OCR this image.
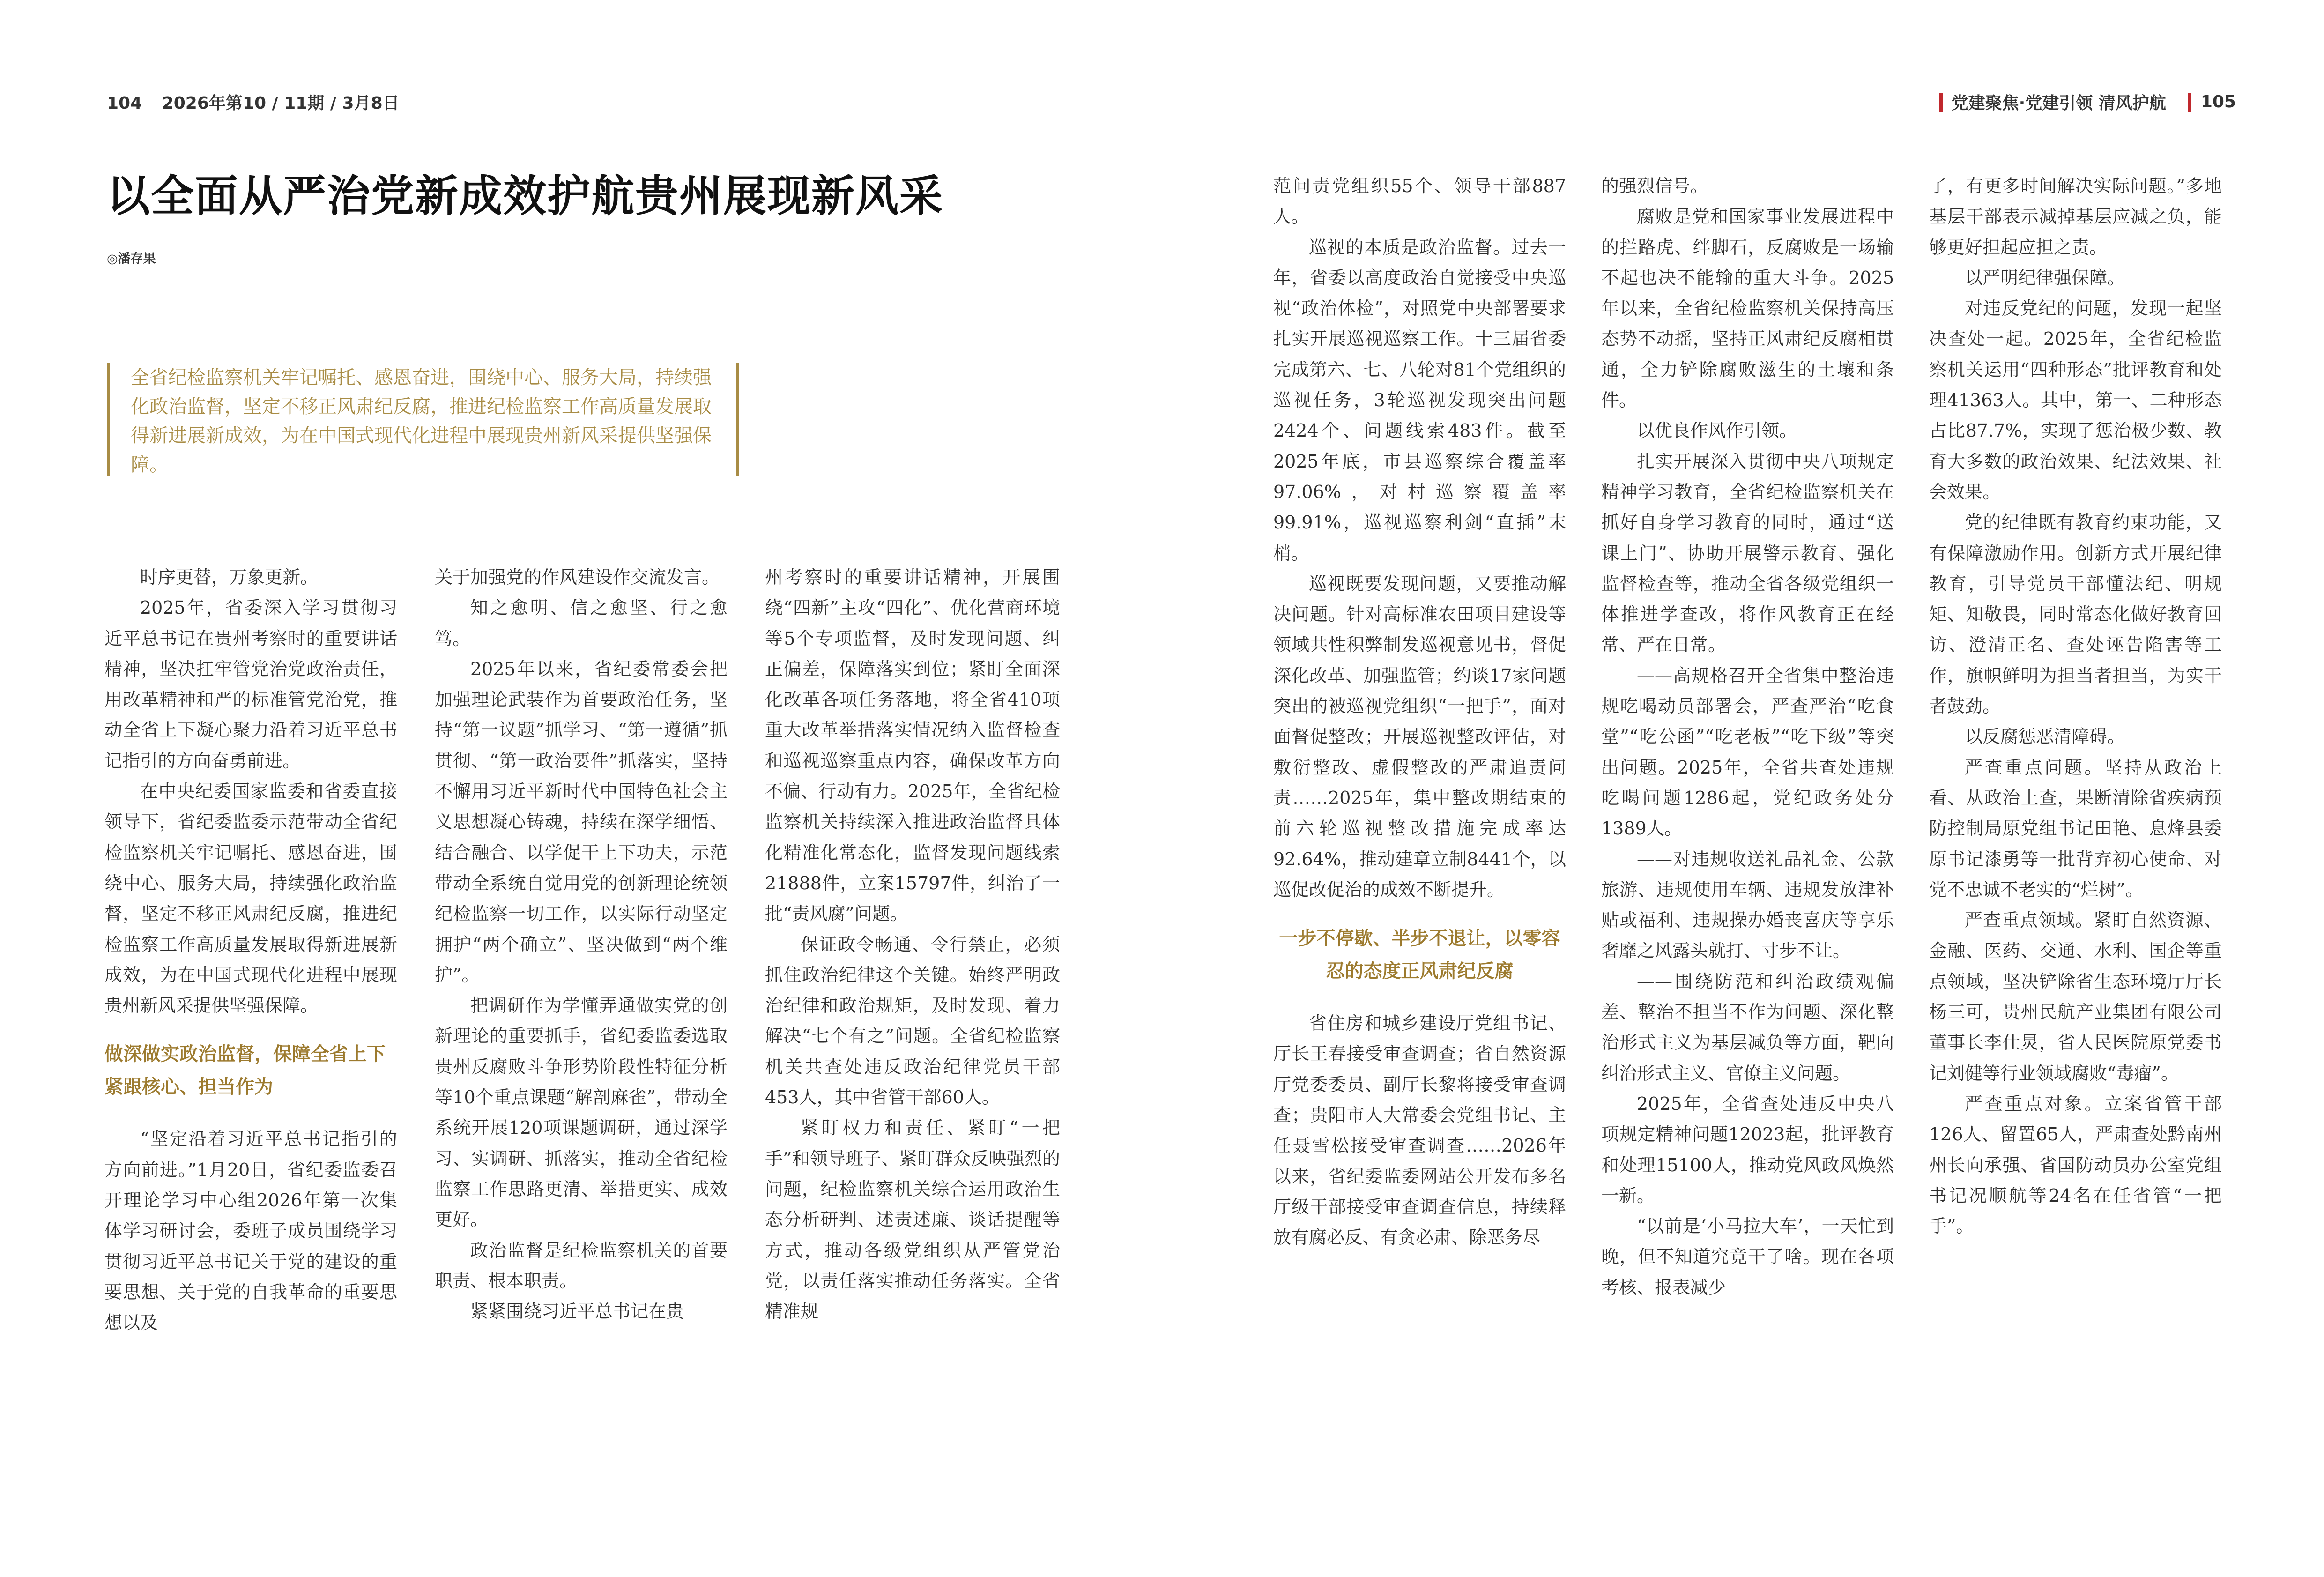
104 2026年第10 / 11期 / 3月8日	党建聚焦·党建引领 清风护航 105
以全面从严治党新成效护航贵州展现新风采
◎潘存果
全省纪检监察机关牢记嘱托、感恩奋进，围绕中心、服务大局，持续强化政治监督，坚定不移正风肃纪反腐，推进纪检监察工作高质量发展取得新进展新成效，为在中国式现代化进程中展现贵州新风采提供坚强保障。

时序更替，万象更新。

2025年，省委深入学习贯彻习近平总书记在贵州考察时的重要讲话精神，坚决扛牢管党治党政治责任，用改革精神和严的标准管党治党，推动全省上下凝心聚力沿着习近平总书记指引的方向奋勇前进。

在中央纪委国家监委和省委直接领导下，省纪委监委示范带动全省纪检监察机关牢记嘱托、感恩奋进，围绕中心、服务大局，持续强化政治监督，坚定不移正风肃纪反腐，推进纪检监察工作高质量发展取得新进展新成效，为在中国式现代化进程中展现贵州新风采提供坚强保障。

做深做实政治监督，保障全省上下紧跟核心、担当作为

“坚定沿着习近平总书记指引的方向前进。”1月20日，省纪委监委召开理论学习中心组2026年第一次集体学习研讨会，委班子成员围绕学习贯彻习近平总书记关于党的建设的重要思想、关于党的自我革命的重要思想以及

关于加强党的作风建设作交流发言。

知之愈明、信之愈坚、行之愈笃。

2025年以来，省纪委常委会把加强理论武装作为首要政治任务，坚持“第一议题”抓学习、“第一遵循”抓贯彻、“第一政治要件”抓落实，坚持不懈用习近平新时代中国特色社会主义思想凝心铸魂，持续在深学细悟、结合融合、以学促干上下功夫，示范带动全系统自觉用党的创新理论统领纪检监察一切工作，以实际行动坚定拥护“两个确立”、坚决做到“两个维护”。

把调研作为学懂弄通做实党的创新理论的重要抓手，省纪委监委选取贵州反腐败斗争形势阶段性特征分析等10个重点课题“解剖麻雀”，带动全系统开展120项课题调研，通过深学习、实调研、抓落实，推动全省纪检监察工作思路更清、举措更实、成效更好。

政治监督是纪检监察机关的首要职责、根本职责。

紧紧围绕习近平总书记在贵

州考察时的重要讲话精神，开展围绕“四新”主攻“四化”、优化营商环境等5个专项监督，及时发现问题、纠正偏差，保障落实到位；紧盯全面深化改革各项任务落地，将全省410项重大改革举措落实情况纳入监督检查和巡视巡察重点内容，确保改革方向不偏、行动有力。2025年，全省纪检监察机关持续深入推进政治监督具体化精准化常态化，监督发现问题线索21888件，立案15797件，纠治了一批“责风腐”问题。

保证政令畅通、令行禁止，必须抓住政治纪律这个关键。始终严明政治纪律和政治规矩，及时发现、着力解决“七个有之”问题。全省纪检监察机关共查处违反政治纪律党员干部453人，其中省管干部60人。

紧盯权力和责任、紧盯“一把手”和领导班子、紧盯群众反映强烈的问题，纪检监察机关综合运用政治生态分析研判、述责述廉、谈话提醒等方式，推动各级党组织从严管党治党，以责任落实推动任务落实。全省精准规

范问责党组织55个、领导干部887人。

巡视的本质是政治监督。过去一年，省委以高度政治自觉接受中央巡视“政治体检”，对照党中央部署要求扎实开展巡视巡察工作。十三届省委完成第六、七、八轮对81个党组织的巡视任务，3轮巡视发现突出问题2424个、问题线索483件。截至2025年底，市县巡察综合覆盖率97.06%，对村巡察覆盖率99.91%，巡视巡察利剑“直插”末梢。

巡视既要发现问题，又要推动解决问题。针对高标准农田项目建设等领域共性积弊制发巡视意见书，督促深化改革、加强监管；约谈17家问题突出的被巡视党组织“一把手”，面对面督促整改；开展巡视整改评估，对敷衍整改、虚假整改的严肃追责问责……2025年，集中整改期结束的前六轮巡视整改措施完成率达92.64%，推动建章立制8441个，以巡促改促治的成效不断提升。

一步不停歇、半步不退让，以零容忍的态度正风肃纪反腐

省住房和城乡建设厅党组书记、厅长王春接受审查调查；省自然资源厅党委委员、副厅长黎将接受审查调查；贵阳市人大常委会党组书记、主任聂雪松接受审查调查……2026年以来，省纪委监委网站公开发布多名厅级干部接受审查调查信息，持续释放有腐必反、有贪必肃、除恶务尽

的强烈信号。

腐败是党和国家事业发展进程中的拦路虎、绊脚石，反腐败是一场输不起也决不能输的重大斗争。2025年以来，全省纪检监察机关保持高压态势不动摇，坚持正风肃纪反腐相贯通，全力铲除腐败滋生的土壤和条件。

以优良作风作引领。

扎实开展深入贯彻中央八项规定精神学习教育，全省纪检监察机关在抓好自身学习教育的同时，通过“送课上门”、协助开展警示教育、强化监督检查等，推动全省各级党组织一体推进学查改，将作风教育正在经常、严在日常。

——高规格召开全省集中整治违规吃喝动员部署会，严查严治“吃食堂”“吃公函”“吃老板”“吃下级”等突出问题。2025年，全省共查处违规吃喝问题1286起，党纪政务处分1389人。

——对违规收送礼品礼金、公款旅游、违规使用车辆、违规发放津补贴或福利、违规操办婚丧喜庆等享乐奢靡之风露头就打、寸步不让。

——围绕防范和纠治政绩观偏差、整治不担当不作为问题、深化整治形式主义为基层减负等方面，靶向纠治形式主义、官僚主义问题。

2025年，全省查处违反中央八项规定精神问题12023起，批评教育和处理15100人，推动党风政风焕然一新。

“以前是‘小马拉大车’，一天忙到晚，但不知道究竟干了啥。现在各项考核、报表减少

了，有更多时间解决实际问题。”多地基层干部表示减掉基层应减之负，能够更好担起应担之责。

以严明纪律强保障。

对违反党纪的问题，发现一起坚决查处一起。2025年，全省纪检监察机关运用“四种形态”批评教育和处理41363人。其中，第一、二种形态占比87.7%，实现了惩治极少数、教育大多数的政治效果、纪法效果、社会效果。

党的纪律既有教育约束功能，又有保障激励作用。创新方式开展纪律教育，引导党员干部懂法纪、明规矩、知敬畏，同时常态化做好教育回访、澄清正名、查处诬告陷害等工作，旗帜鲜明为担当者担当，为实干者鼓劲。

以反腐惩恶清障碍。

严查重点问题。坚持从政治上看、从政治上查，果断清除省疾病预防控制局原党组书记田艳、息烽县委原书记漆勇等一批背弃初心使命、对党不忠诚不老实的“烂树”。

严查重点领域。紧盯自然资源、金融、医药、交通、水利、国企等重点领域，坚决铲除省生态环境厅厅长杨三可，贵州民航产业集团有限公司董事长李仕炅，省人民医院原党委书记刘健等行业领域腐败“毒瘤”。

严查重点对象。立案省管干部126人、留置65人，严肃查处黔南州州长向承强、省国防动员办公室党组书记况顺航等24名在任省管“一把手”。
